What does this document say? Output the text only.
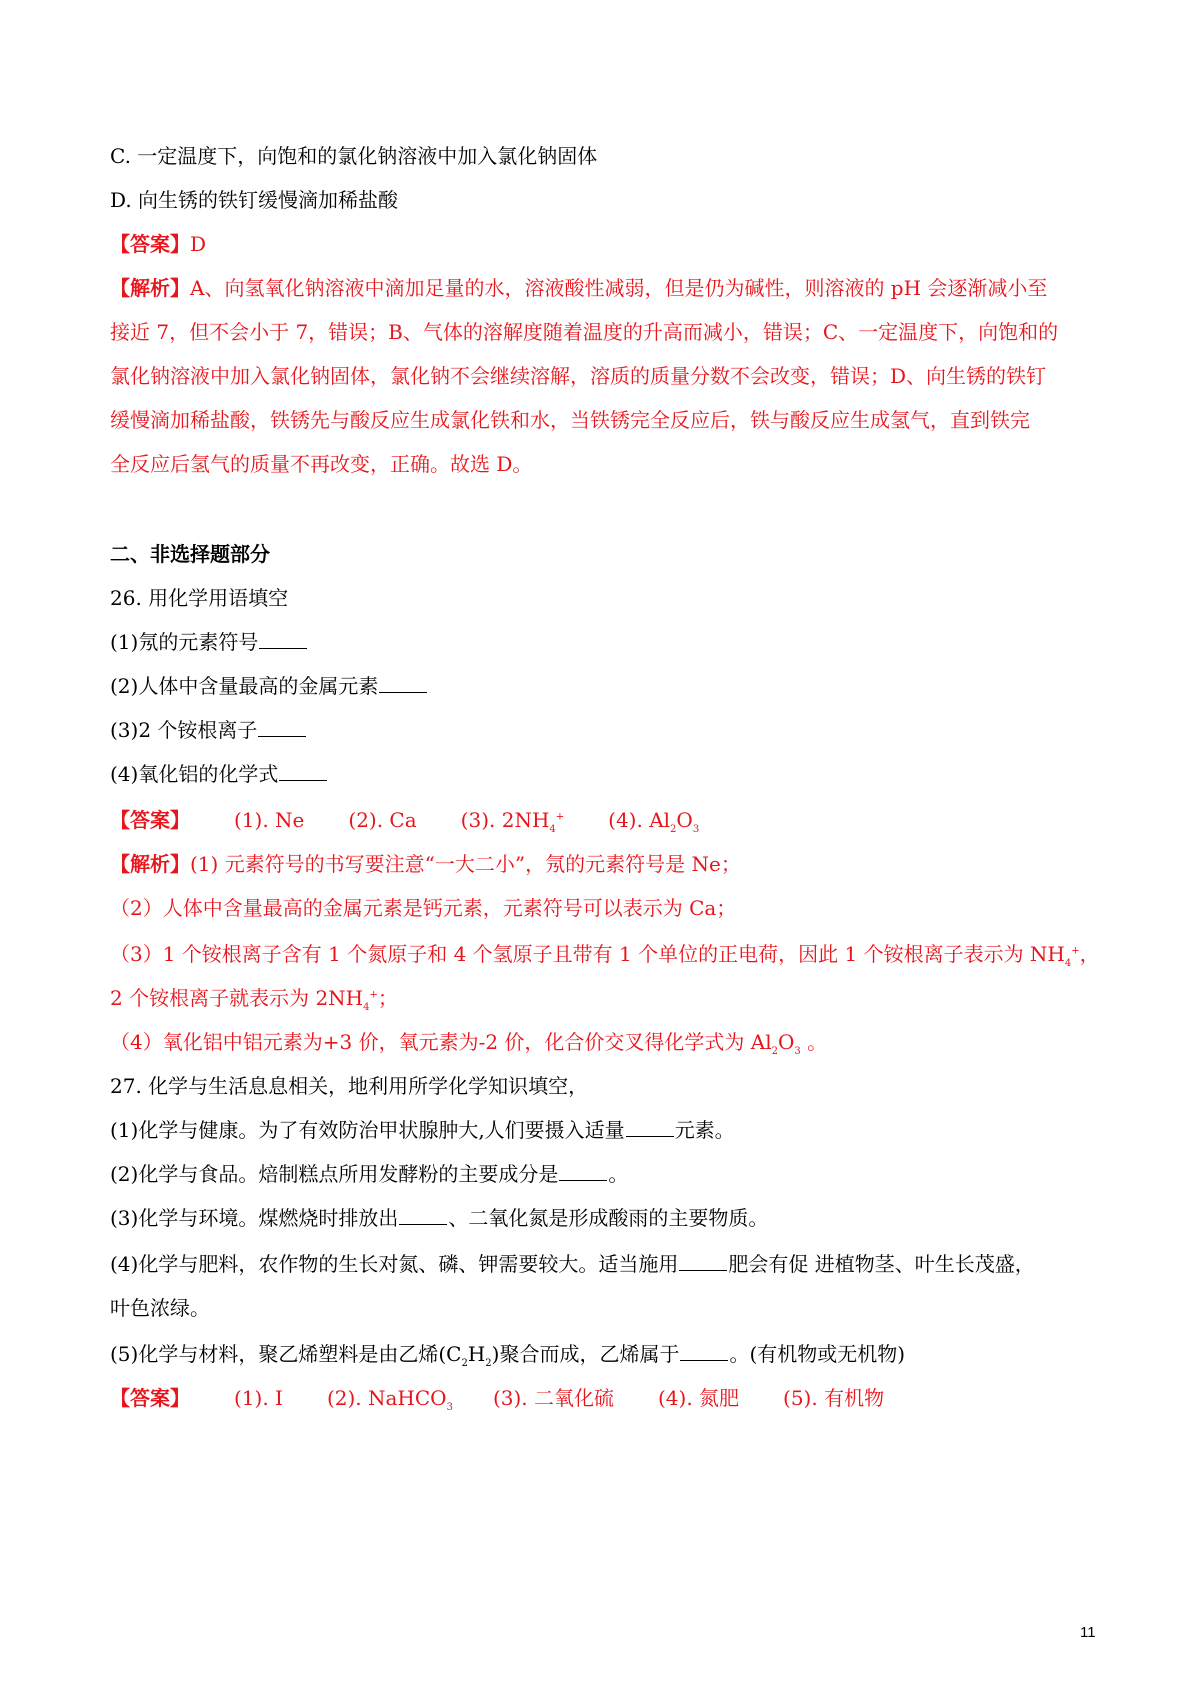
C. 一定温度下，向饱和的氯化钠溶液中加入氯化钠固体
D. 向生锈的铁钉缓慢滴加稀盐酸
【答案】D
【解析】A、向氢氧化钠溶液中滴加足量的水，溶液酸性减弱，但是仍为碱性，则溶液的 pH 会逐渐减小至
接近 7，但不会小于 7，错误；B、气体的溶解度随着温度的升高而减小，错误；C、一定温度下，向饱和的
氯化钠溶液中加入氯化钠固体，氯化钠不会继续溶解，溶质的质量分数不会改变，错误；D、向生锈的铁钉
缓慢滴加稀盐酸，铁锈先与酸反应生成氯化铁和水，当铁锈完全反应后，铁与酸反应生成氢气，直到铁完
全反应后氢气的质量不再改变，正确。故选 D。
二、非选择题部分
26. 用化学用语填空
(1)氖的元素符号
(2)人体中含量最高的金属元素
(3)2 个铵根离子
(4)氧化铝的化学式
【答案】 (1). Ne (2). Ca (3). $2NH_4^+$ (4). $Al_2O_3$
【解析】(1) 元素符号的书写要注意“一大二小”，氖的元素符号是 Ne；
（2）人体中含量最高的金属元素是钙元素，元素符号可以表示为 Ca；
（3）1 个铵根离子含有 1 个氮原子和 4 个氢原子且带有 1 个单位的正电荷，因此 1 个铵根离子表示为 $NH_4^+$，
2 个铵根离子就表示为 $2NH_4^+$；
（4）氧化铝中铝元素为+3 价，氧元素为-2 价，化合价交叉得化学式为 $Al_2O_3$ 。
27. 化学与生活息息相关，地利用所学化学知识填空，
(1)化学与健康。为了有效防治甲状腺肿大,人们要摄入适量	元素。
(2)化学与食品。焙制糕点所用发酵粉的主要成分是	。
(3)化学与环境。煤燃烧时排放出	、二氧化氮是形成酸雨的主要物质。
(4)化学与肥料，农作物的生长对氮、磷、钾需要较大。适当施用	肥会有促 进植物茎、叶生长茂盛，
叶色浓绿。
(5)化学与材料，聚乙烯塑料是由乙烯$(C_2H_2)$聚合而成，乙烯属于	。(有机物或无机物)
【答案】 (1). I (2). NaHCO$_3$ (3). 二氧化硫 (4). 氮肥 (5). 有机物
11
